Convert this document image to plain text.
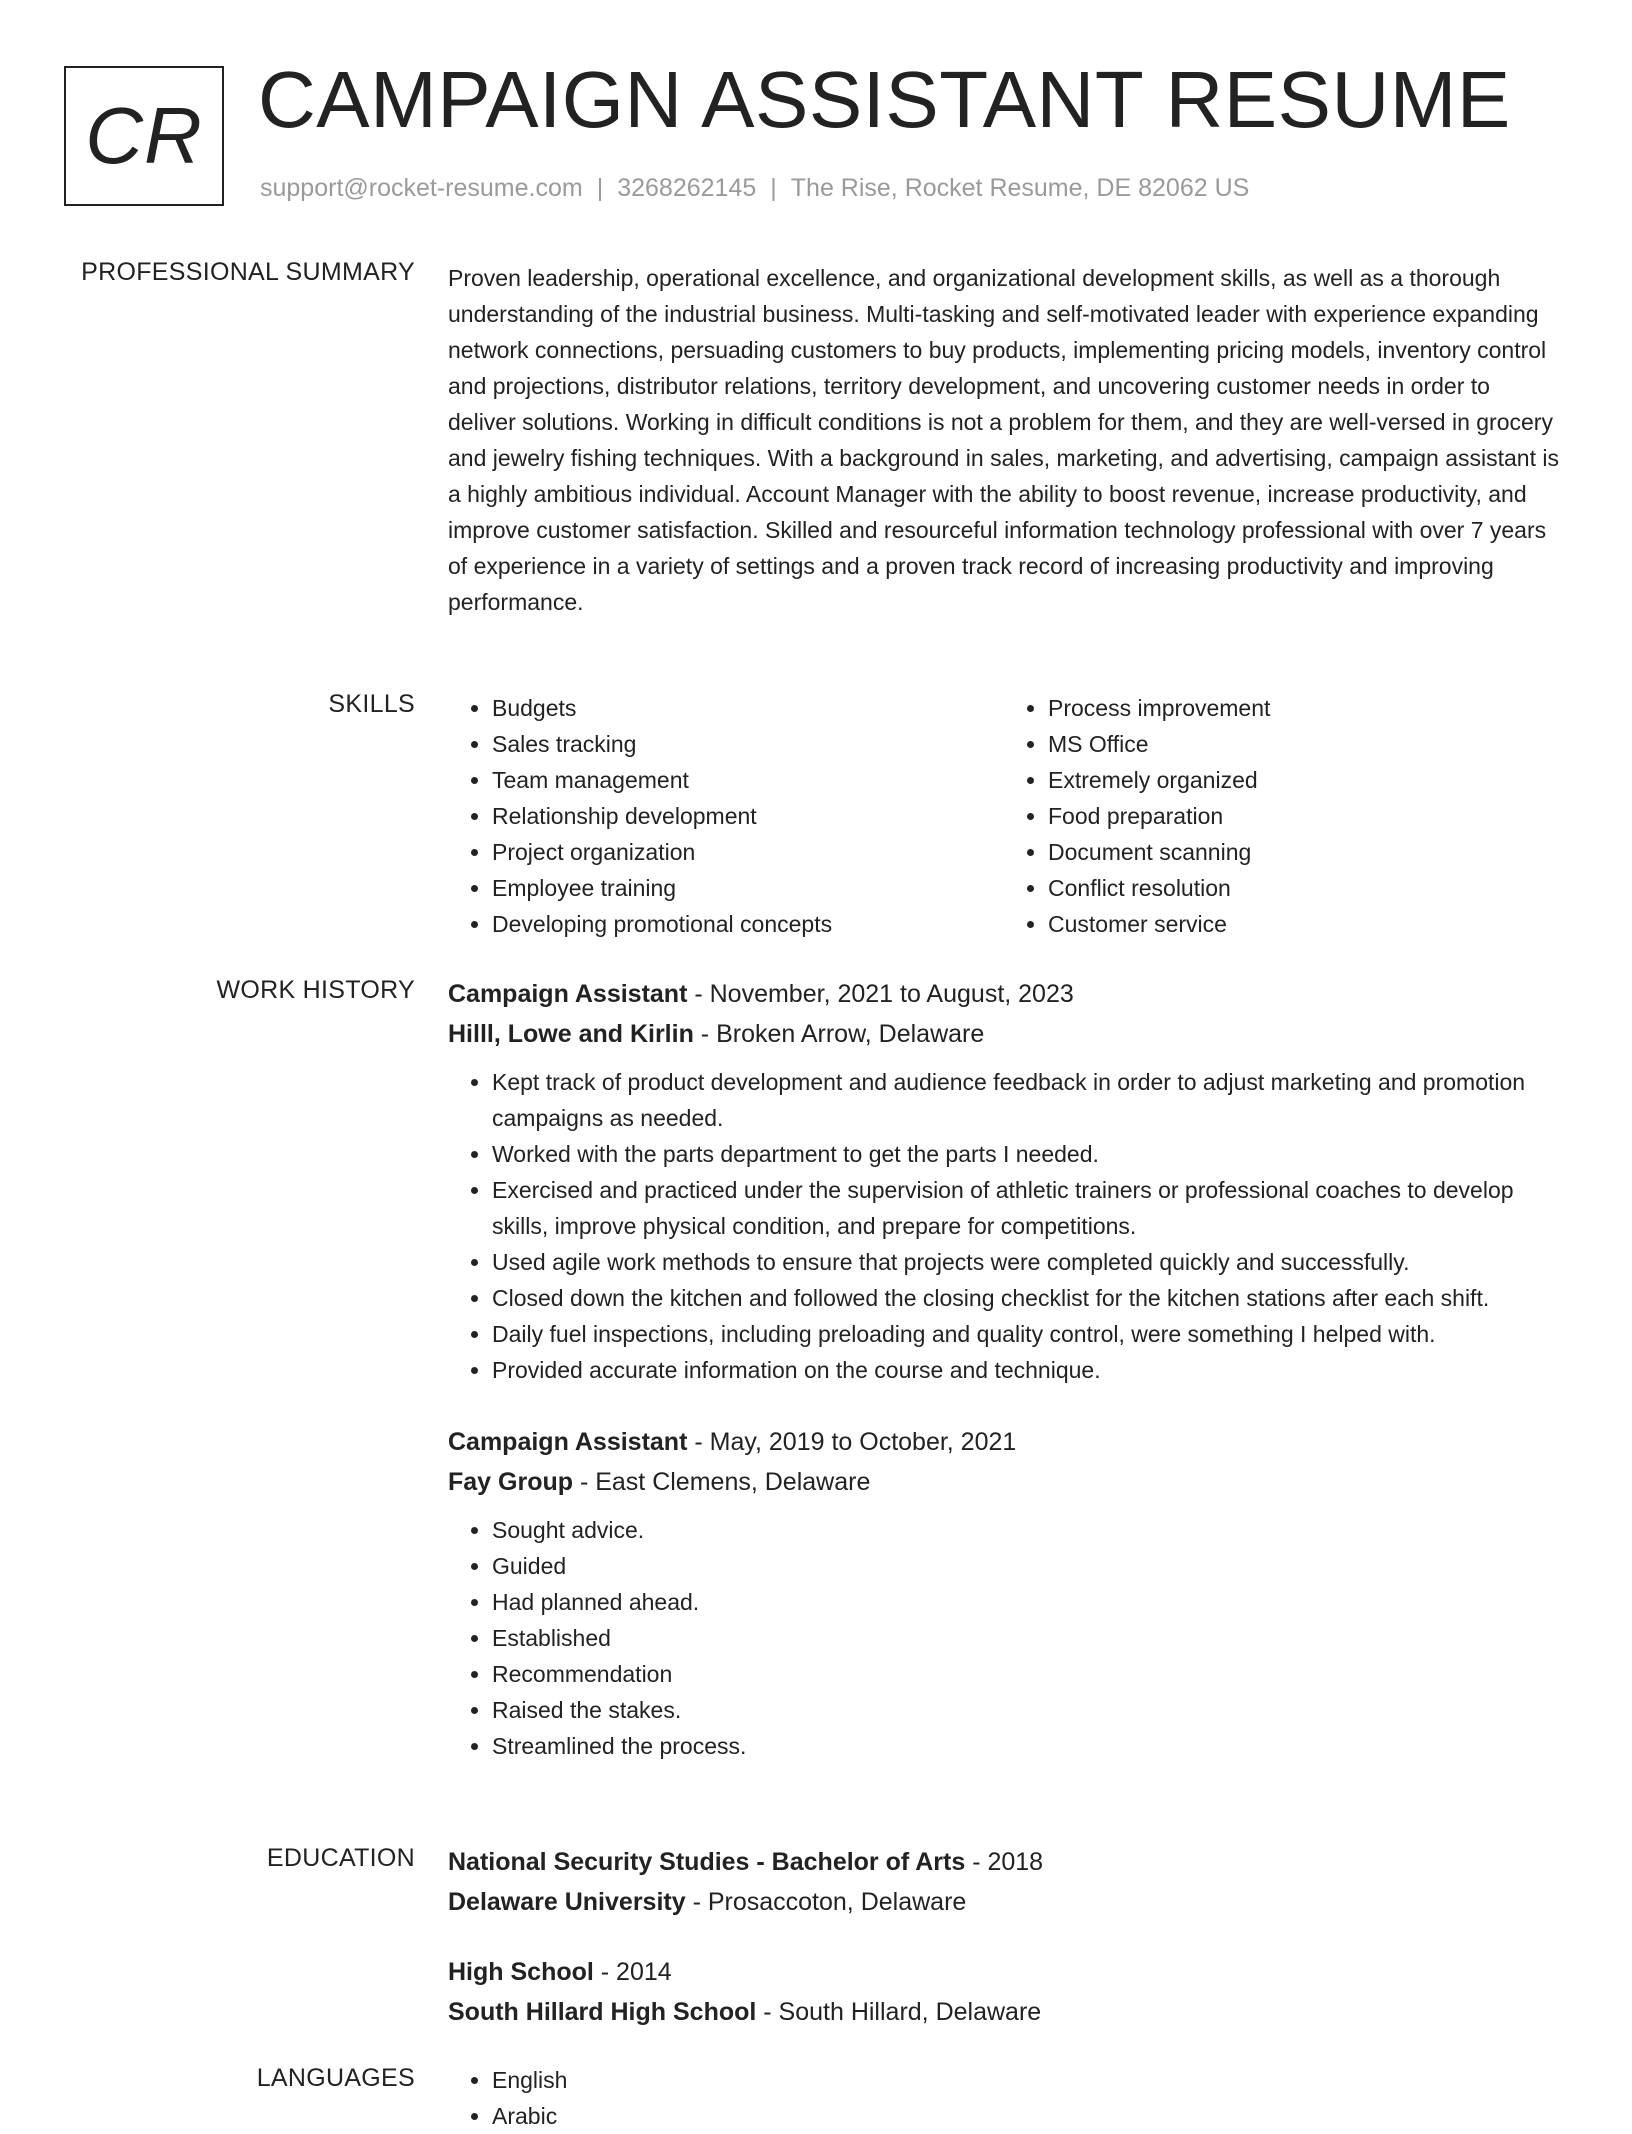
CR CAMPAIGN ASSISTANT RESUME
support@rocket-resume.com | 3268262145 | The Rise, Rocket Resume, DE 82062 US
PROFESSIONAL SUMMARY Proven leadership, operational excellence, and organizational development skills, as well as a thorough understanding of the industrial business. Multi-tasking and self-motivated leader with experience expanding network connections, persuading customers to buy products, implementing pricing models, inventory control and projections, distributor relations, territory development, and uncovering customer needs in order to deliver solutions. Working in difficult conditions is not a problem for them, and they are well-versed in grocery and jewelry fishing techniques. With a background in sales, marketing, and advertising, campaign assistant is a highly ambitious individual. Account Manager with the ability to boost revenue, increase productivity, and improve customer satisfaction. Skilled and resourceful information technology professional with over 7 years of experience in a variety of settings and a proven track record of increasing productivity and improving performance.

SKILLS	• Budgets
• Sales tracking
• Team management
• Relationship development
• Project organization
• Employee training
• Developing promotional concepts
• Process improvement
• MS Office
• Extremely organized
• Food preparation
• Document scanning
• Conflict resolution
• Customer service
WORK HISTORY Campaign Assistant - November, 2021 to August, 2023
Hilll, Lowe and Kirlin - Broken Arrow, Delaware
• Kept track of product development and audience feedback in order to adjust marketing and promotion campaigns as needed.
• Worked with the parts department to get the parts I needed.
• Exercised and practiced under the supervision of athletic trainers or professional coaches to develop skills, improve physical condition, and prepare for competitions.
• Used agile work methods to ensure that projects were completed quickly and successfully.
• Closed down the kitchen and followed the closing checklist for the kitchen stations after each shift.
• Daily fuel inspections, including preloading and quality control, were something I helped with.
• Provided accurate information on the course and technique.
Campaign Assistant - May, 2019 to October, 2021
Fay Group - East Clemens, Delaware
• Sought advice.
• Guided
• Had planned ahead.
• Established
• Recommendation
• Raised the stakes.
• Streamlined the process.
EDUCATION National Security Studies - Bachelor of Arts - 2018
Delaware University - Prosaccoton, Delaware
High School - 2014
South Hillard High School - South Hillard, Delaware
LANGUAGES	• English
• Arabic
